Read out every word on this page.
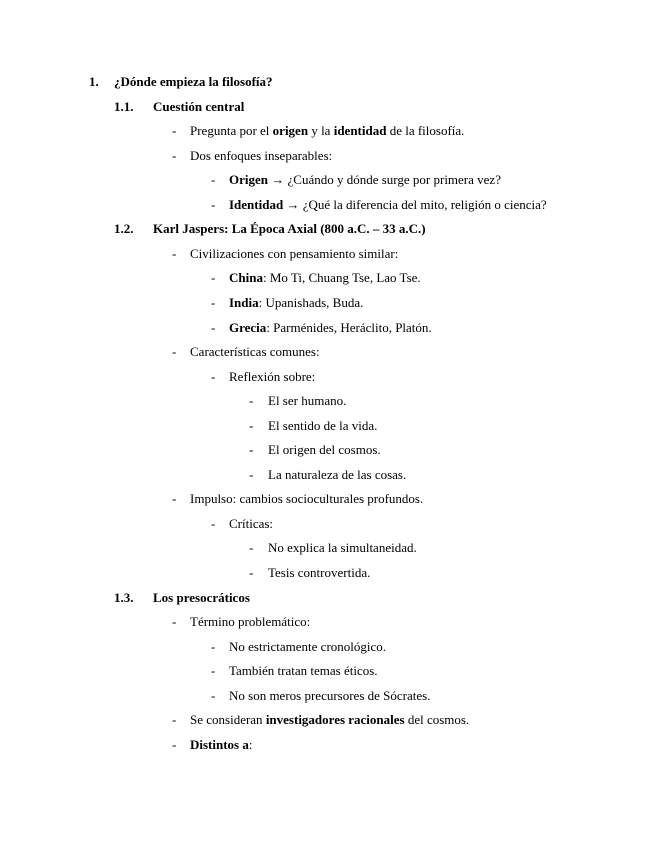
1. ¿Dónde empieza la filosofía?
1.1. Cuestión central
- Pregunta por el origen y la identidad de la filosofía.
- Dos enfoques inseparables:
- Origen → ¿Cuándo y dónde surge por primera vez?
- Identidad → ¿Qué la diferencia del mito, religión o ciencia?
1.2. Karl Jaspers: La Época Axial (800 a.C. – 33 a.C.)
- Civilizaciones con pensamiento similar:
- China: Mo Ti, Chuang Tse, Lao Tse.
- India: Upanishads, Buda.
- Grecia: Parménides, Heráclito, Platón.
- Características comunes:
- Reflexión sobre:
- El ser humano.
- El sentido de la vida.
- El origen del cosmos.
- La naturaleza de las cosas.
- Impulso: cambios socioculturales profundos.
- Críticas:
- No explica la simultaneidad.
- Tesis controvertida.
1.3. Los presocráticos
- Término problemático:
- No estrictamente cronológico.
- También tratan temas éticos.
- No son meros precursores de Sócrates.
- Se consideran investigadores racionales del cosmos.
- Distintos a:
